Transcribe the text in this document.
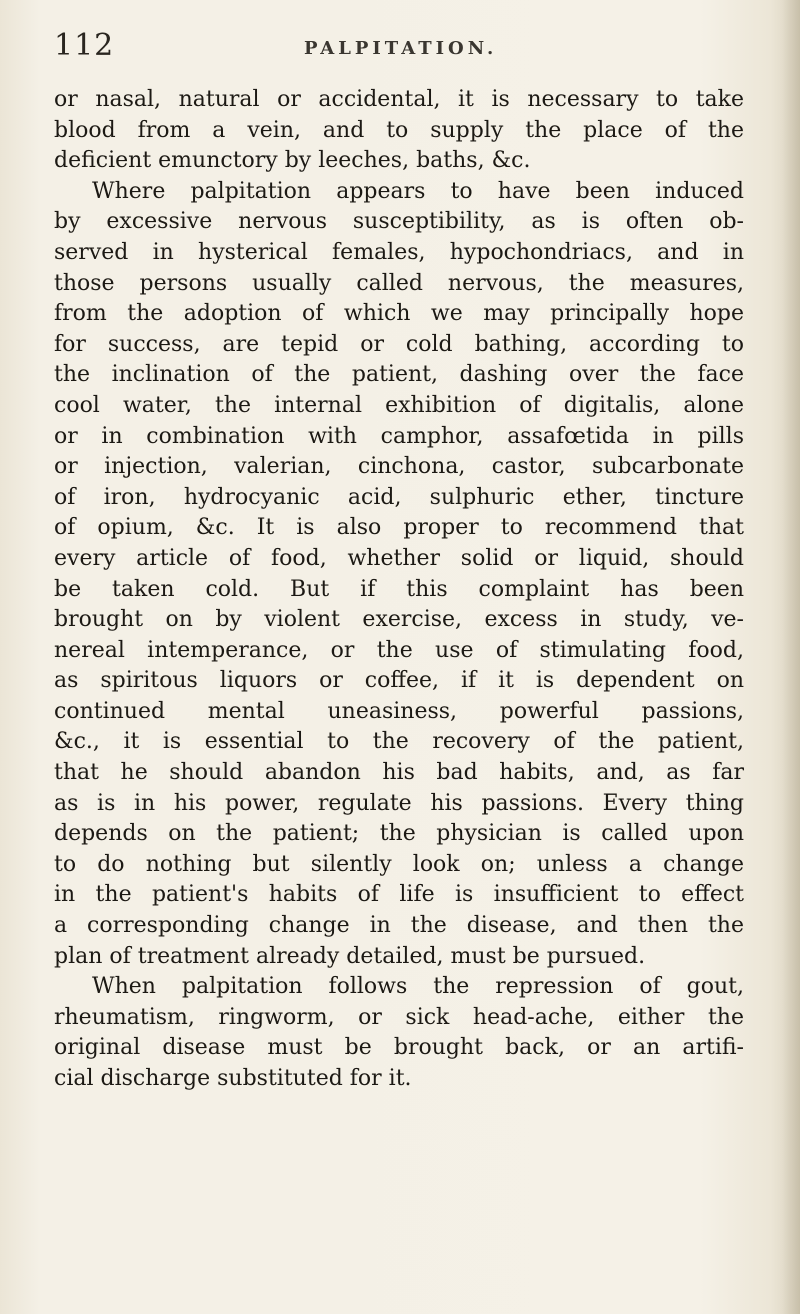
112	PALPITATION.
or nasal, natural or accidental, it is necessary to take
blood from a vein, and to supply the place of the
deficient emunctory by leeches, baths, &c.
Where palpitation appears to have been induced
by excessive nervous susceptibility, as is often ob-
served in hysterical females, hypochondriacs, and in
those persons usually called nervous, the measures,
from the adoption of which we may principally hope
for success, are tepid or cold bathing, according to
the inclination of the patient, dashing over the face
cool water, the internal exhibition of digitalis, alone
or in combination with camphor, assafœtida in pills
or injection, valerian, cinchona, castor, subcarbonate
of iron, hydrocyanic acid, sulphuric ether, tincture
of opium, &c. It is also proper to recommend that
every article of food, whether solid or liquid, should
be taken cold. But if this complaint has been
brought on by violent exercise, excess in study, ve-
nereal intemperance, or the use of stimulating food,
as spiritous liquors or coffee, if it is dependent on
continued mental uneasiness, powerful passions,
&c., it is essential to the recovery of the patient,
that he should abandon his bad habits, and, as far
as is in his power, regulate his passions. Every thing
depends on the patient; the physician is called upon
to do nothing but silently look on; unless a change
in the patient's habits of life is insufficient to effect
a corresponding change in the disease, and then the
plan of treatment already detailed, must be pursued.
When palpitation follows the repression of gout,
rheumatism, ringworm, or sick head-ache, either the
original disease must be brought back, or an artifi-
cial discharge substituted for it.
